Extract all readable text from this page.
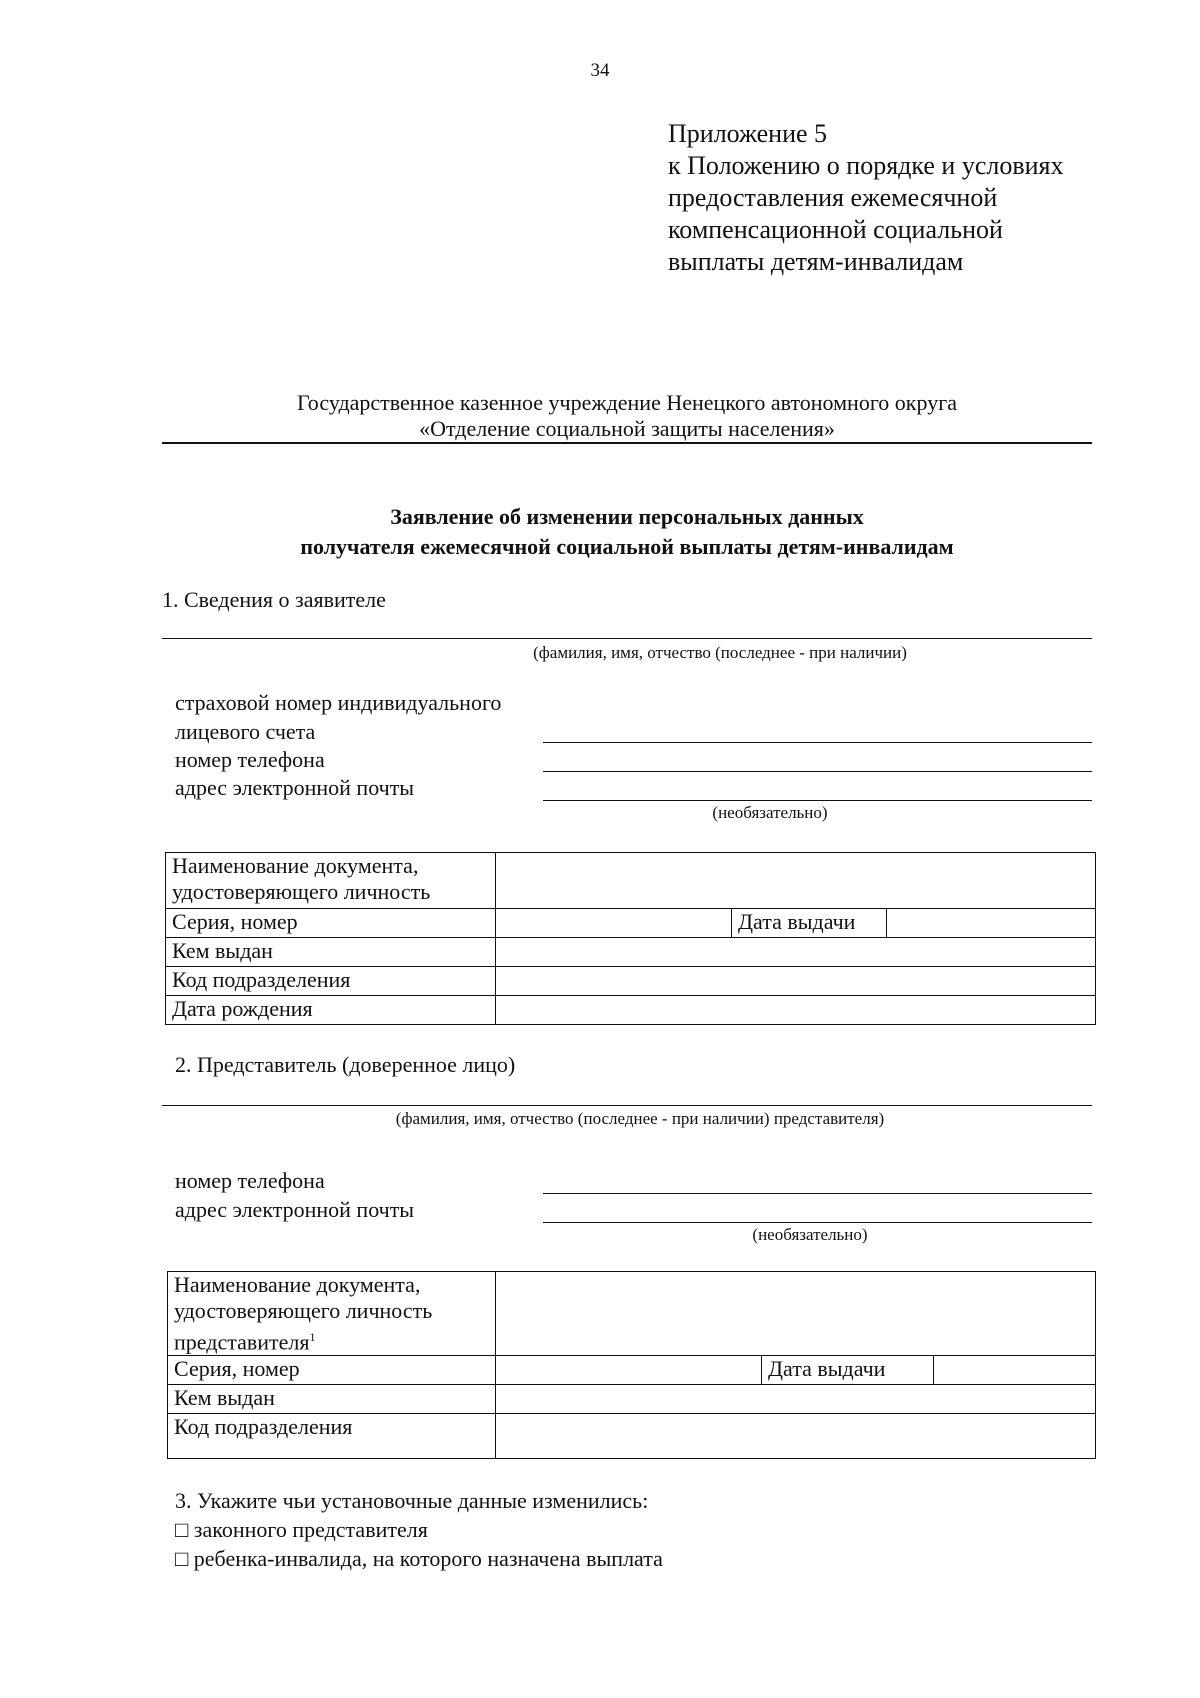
34
Приложение 5
к Положению о порядке и условиях
предоставления ежемесячной
компенсационной социальной
выплаты детям-инвалидам
Государственное казенное учреждение Ненецкого автономного округа
«Отделение социальной защиты населения»
Заявление об изменении персональных данных
получателя ежемесячной социальной выплаты детям-инвалидам
1. Сведения о заявителе
(фамилия, имя, отчество (последнее - при наличии)
страховой номер индивидуального
лицевого счета
номер телефона
адрес электронной почты
(необязательно)
Наименование документа,
удостоверяющего личность			

Серия, номер		Дата выдачи	
Кем выдан			
Код подразделения			
Дата рождения			
2. Представитель (доверенное лицо)
(фамилия, имя, отчество (последнее - при наличии) представителя)
номер телефона
адрес электронной почты
(необязательно)
Наименование документа,
удостоверяющего личность
представителя$^1$

Серия, номер		Дата выдачи	
Кем выдан			
Код подразделения			
3. Укажите чьи установочные данные изменились:
□ законного представителя
□ ребенка-инвалида, на которого назначена выплата
